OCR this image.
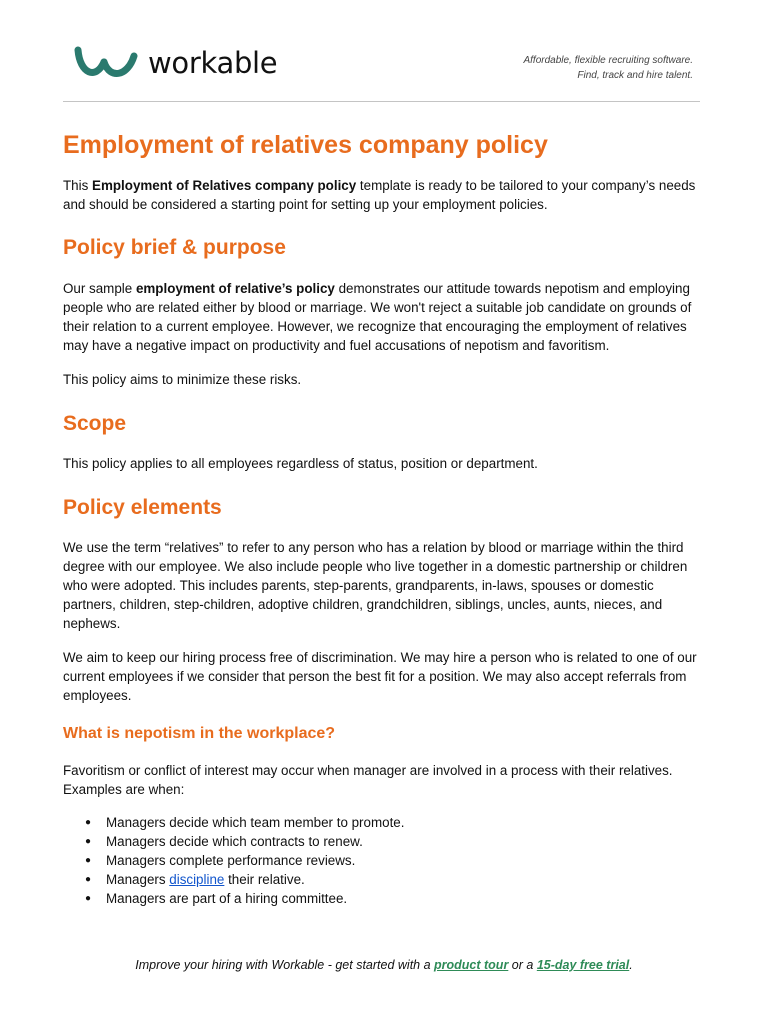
workable	Affordable, flexible recruiting software.
Find, track and hire talent.
Employment of relatives company policy

This Employment of Relatives company policy template is ready to be tailored to your company’s needs and should be considered a starting point for setting up your employment policies.

Policy brief & purpose

Our sample employment of relative’s policy demonstrates our attitude towards nepotism and employing people who are related either by blood or marriage. We won't reject a suitable job candidate on grounds of their relation to a current employee. However, we recognize that encouraging the employment of relatives may have a negative impact on productivity and fuel accusations of nepotism and favoritism.

This policy aims to minimize these risks.

Scope

This policy applies to all employees regardless of status, position or department.

Policy elements

We use the term “relatives” to refer to any person who has a relation by blood or marriage within the third degree with our employee. We also include people who live together in a domestic partnership or children who were adopted. This includes parents, step-parents, grandparents, in-laws, spouses or domestic partners, children, step-children, adoptive children, grandchildren, siblings, uncles, aunts, nieces, and nephews.

We aim to keep our hiring process free of discrimination. We may hire a person who is related to one of our current employees if we consider that person the best fit for a position. We may also accept referrals from employees.

What is nepotism in the workplace?

Favoritism or conflict of interest may occur when manager are involved in a process with their relatives. Examples are when:

● Managers decide which team member to promote.
● Managers decide which contracts to renew.
● Managers complete performance reviews.
● Managers discipline their relative.
● Managers are part of a hiring committee.
Improve your hiring with Workable - get started with a product tour or a 15-day free trial.
